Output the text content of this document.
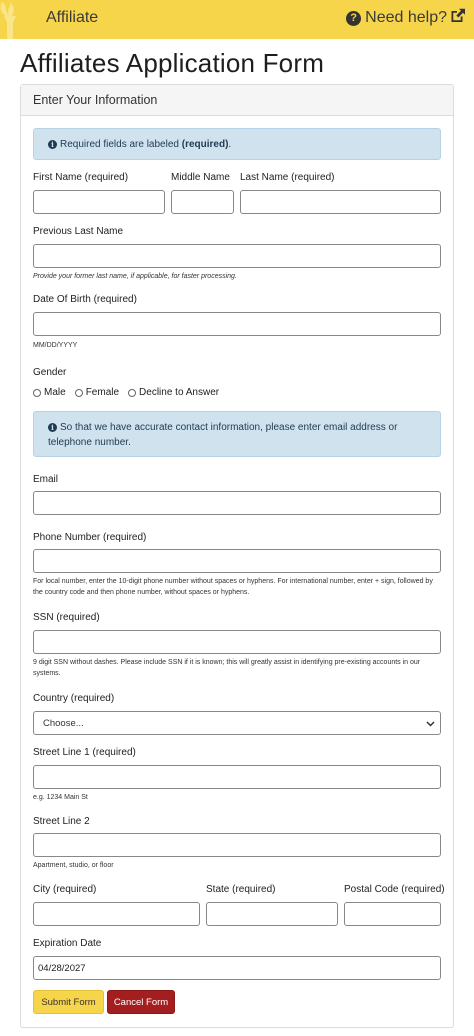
Affiliate	? Need help?
Affiliates Application Form
Enter Your Information
i Required fields are labeled (required).
First Name (required)	Middle Name Last Name (required)
Previous Last Name
Provide your former last name, if applicable, for faster processing.
Date Of Birth (required)
MM/DD/YYYY
Gender
Male Female Decline to Answer
i So that we have accurate contact information, please enter email address or telephone number.
Email
Phone Number (required)
For local number, enter the 10-digit phone number without spaces or hyphens. For international number, enter + sign, followed by the country code and then phone number, without spaces or hyphens.
SSN (required)
9 digit SSN without dashes. Please include SSN if it is known; this will greatly assist in identifying pre-existing accounts in our systems.
Country (required)
Choose...
Street Line 1 (required)
e.g. 1234 Main St
Street Line 2
Apartment, studio, or floor
City (required)	State (required)	Postal Code (required)
Expiration Date
04/28/2027
Submit Form	Cancel Form
